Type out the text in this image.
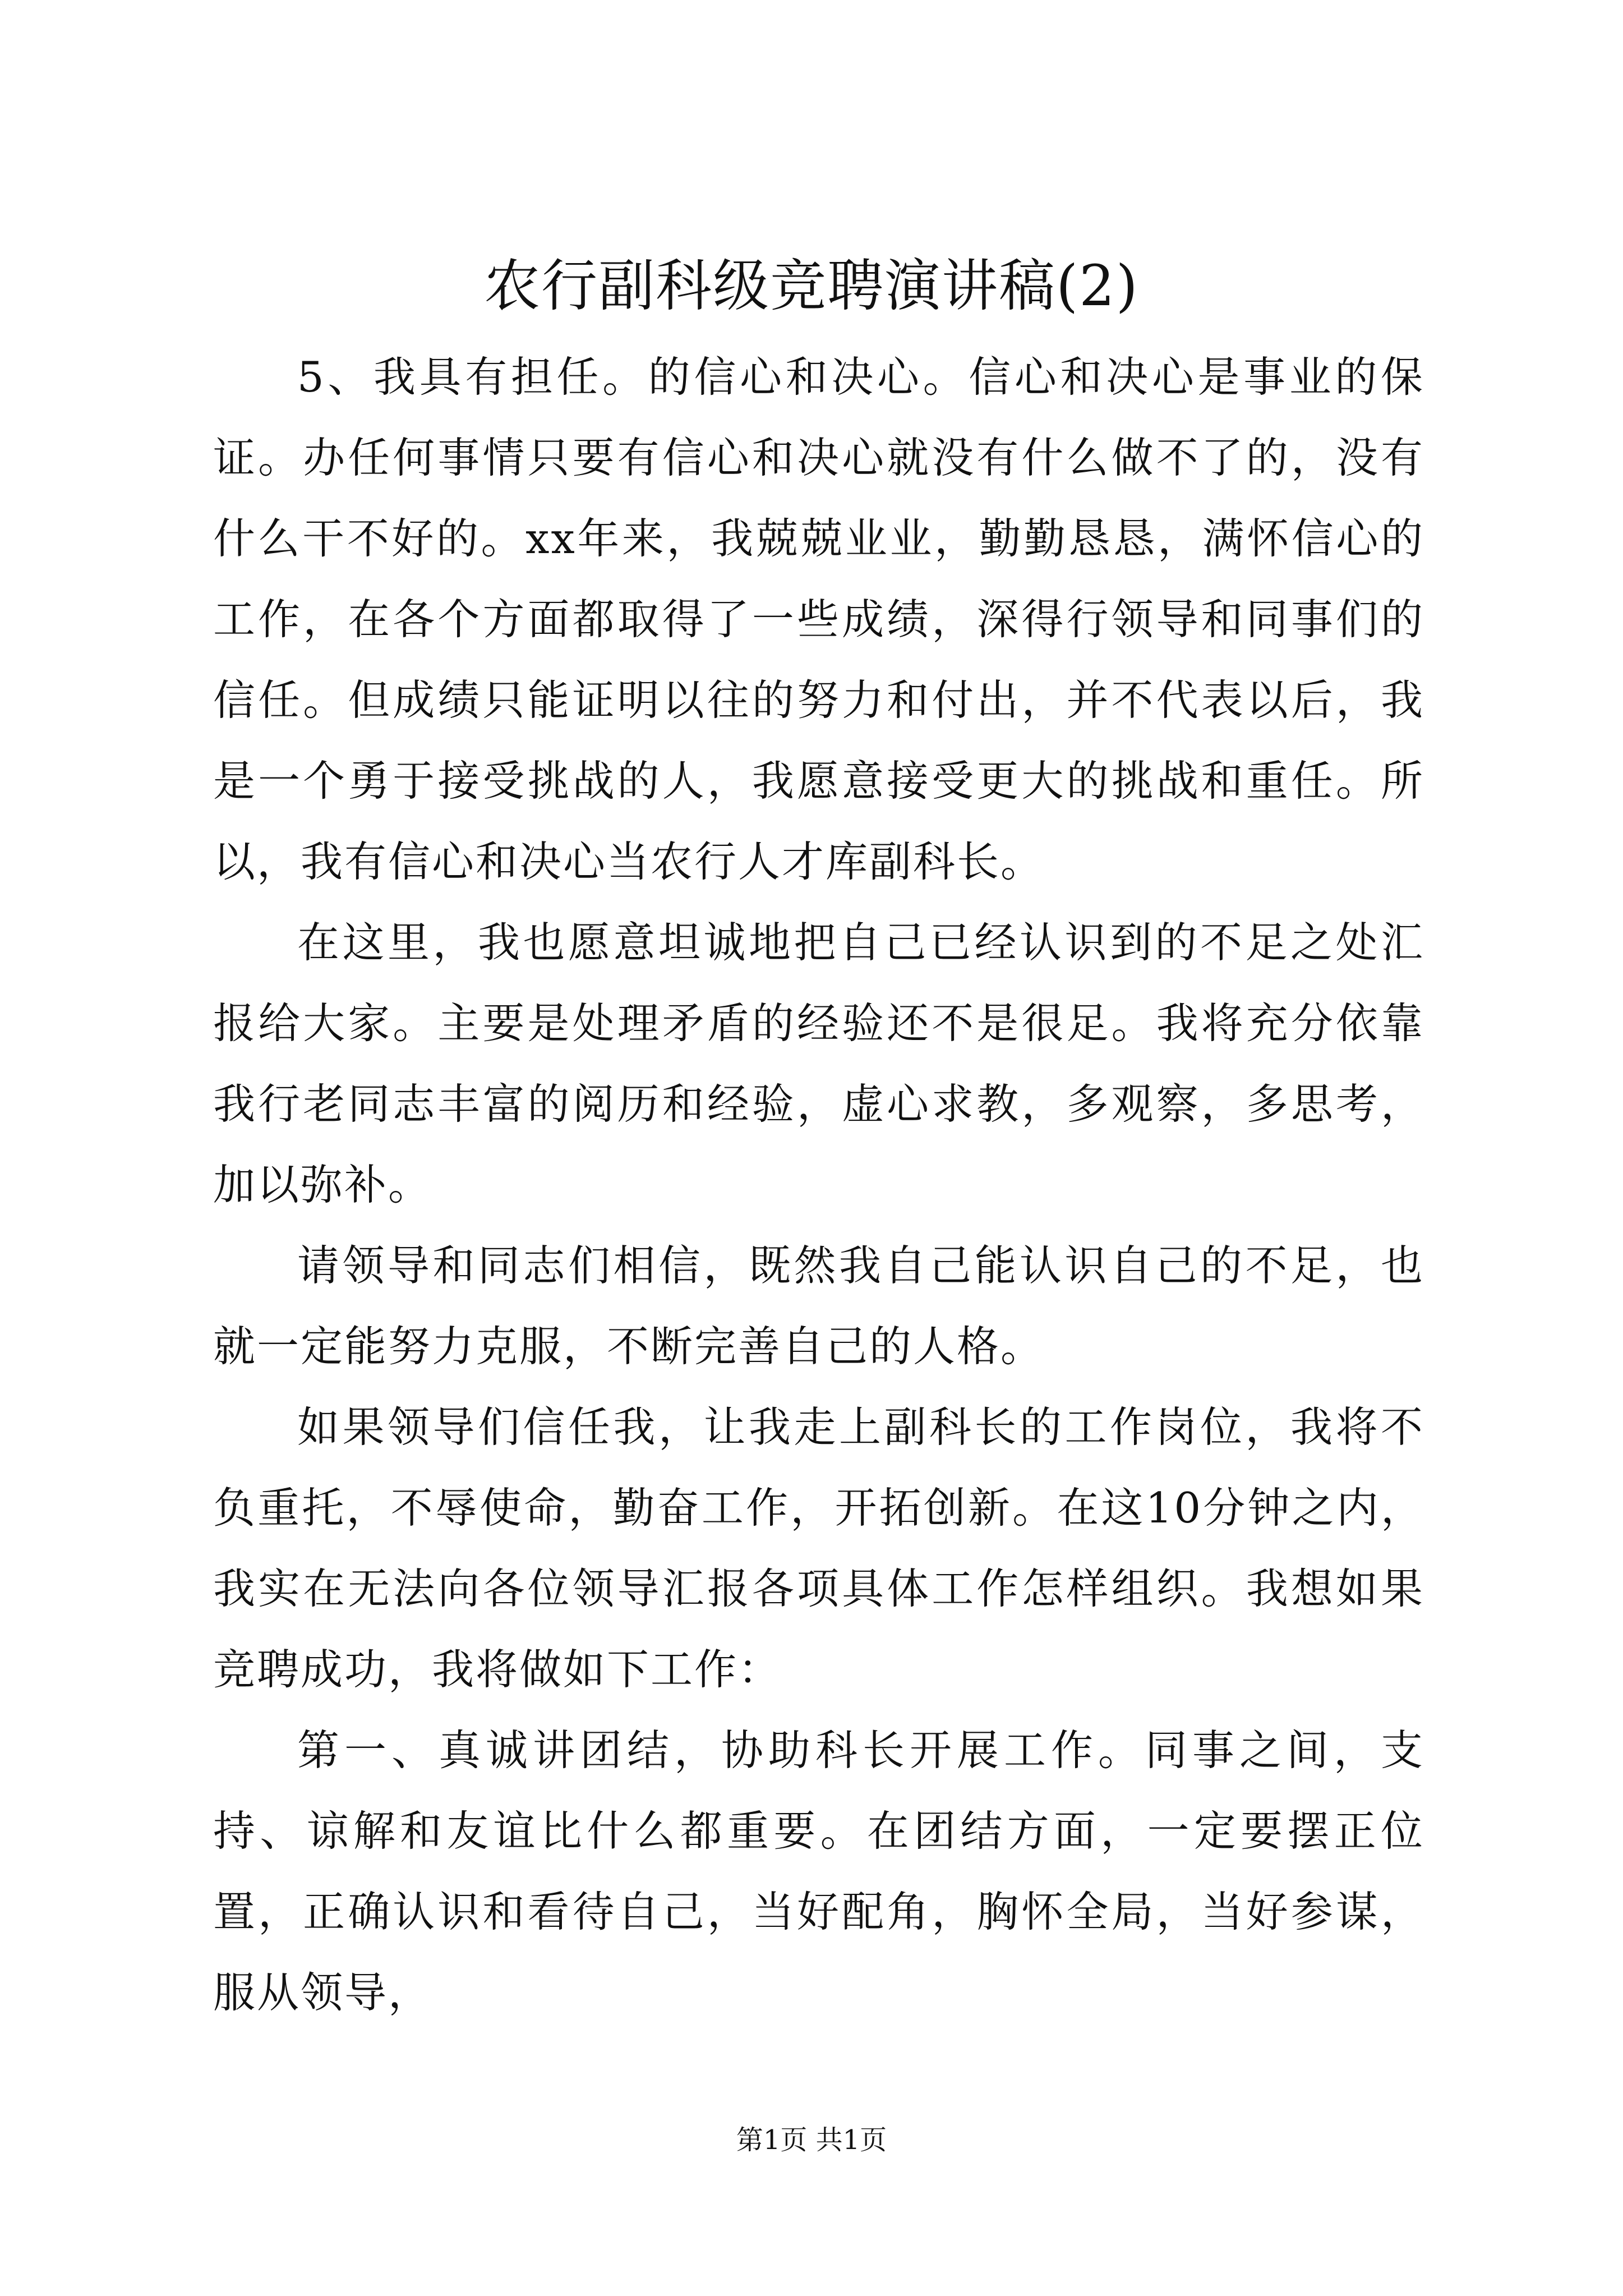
农行副科级竞聘演讲稿(2)

5、我具有担任。的信心和决心。信心和决心是事业的保证。办任何事情只要有信心和决心就没有什么做不了的，没有什么干不好的。xx年来，我兢兢业业，勤勤恳恳，满怀信心的工作，在各个方面都取得了一些成绩，深得行领导和同事们的信任。但成绩只能证明以往的努力和付出，并不代表以后，我是一个勇于接受挑战的人，我愿意接受更大的挑战和重任。所以，我有信心和决心当农行人才库副科长。

在这里，我也愿意坦诚地把自己已经认识到的不足之处汇报给大家。主要是处理矛盾的经验还不是很足。我将充分依靠我行老同志丰富的阅历和经验，虚心求教，多观察，多思考，加以弥补。

请领导和同志们相信，既然我自己能认识自己的不足，也就一定能努力克服，不断完善自己的人格。

如果领导们信任我，让我走上副科长的工作岗位，我将不负重托，不辱使命，勤奋工作，开拓创新。在这10分钟之内，我实在无法向各位领导汇报各项具体工作怎样组织。我想如果竞聘成功，我将做如下工作：

第一、真诚讲团结，协助科长开展工作。同事之间，支持、谅解和友谊比什么都重要。在团结方面，一定要摆正位置，正确认识和看待自己，当好配角，胸怀全局，当好参谋，服从领导，

第1页 共1页
